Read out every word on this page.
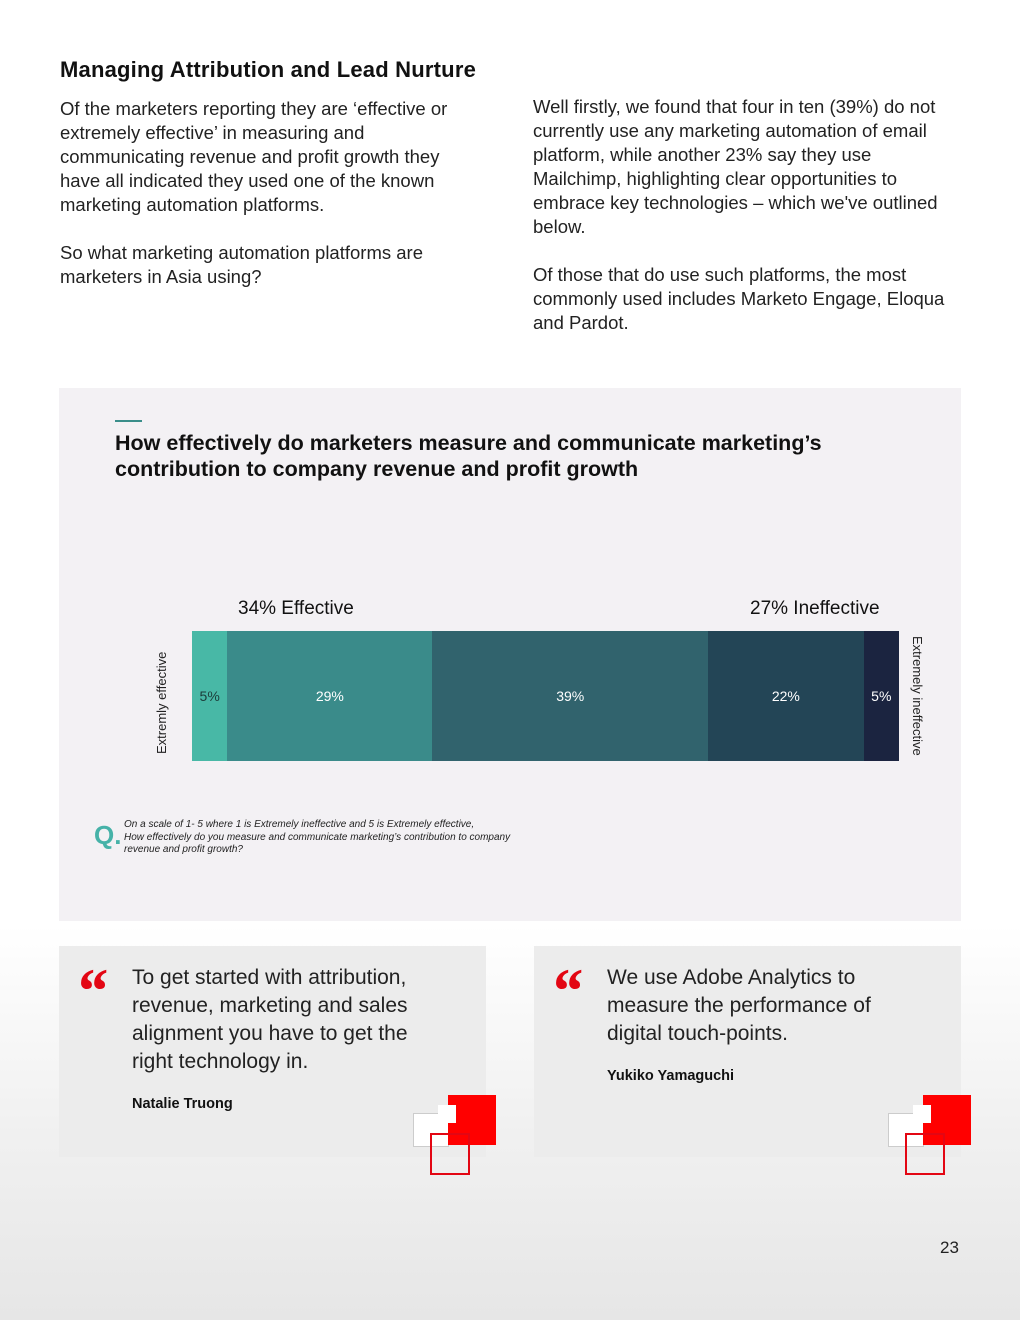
Managing Attribution and Lead Nurture
Of the marketers reporting they are ‘effective or extremely effective’ in measuring and communicating revenue and profit growth they have all indicated they used one of the known marketing automation platforms.

So what marketing automation platforms are marketers in Asia using?
Well firstly, we found that four in ten (39%) do not currently use any marketing automation of email platform, while another 23% say they use Mailchimp, highlighting clear opportunities to embrace key technologies – which we've outlined below.

Of those that do use such platforms, the most commonly used includes Marketo Engage, Eloqua and Pardot.
How effectively do marketers measure and communicate marketing’s contribution to company revenue and profit growth
34% Effective	27% Ineffective
Extremly effective 5%	29%	39%	22%	5% Extremely ineffective
Q. On a scale of 1- 5 where 1 is Extremely ineffective and 5 is Extremely effective,
How effectively do you measure and communicate marketing’s contribution to company
revenue and profit growth?
“ To get started with attribution, revenue, marketing and sales alignment you have to get the right technology in.
Natalie Truong
“ We use Adobe Analytics to measure the performance of digital touch-points.
Yukiko Yamaguchi
23
